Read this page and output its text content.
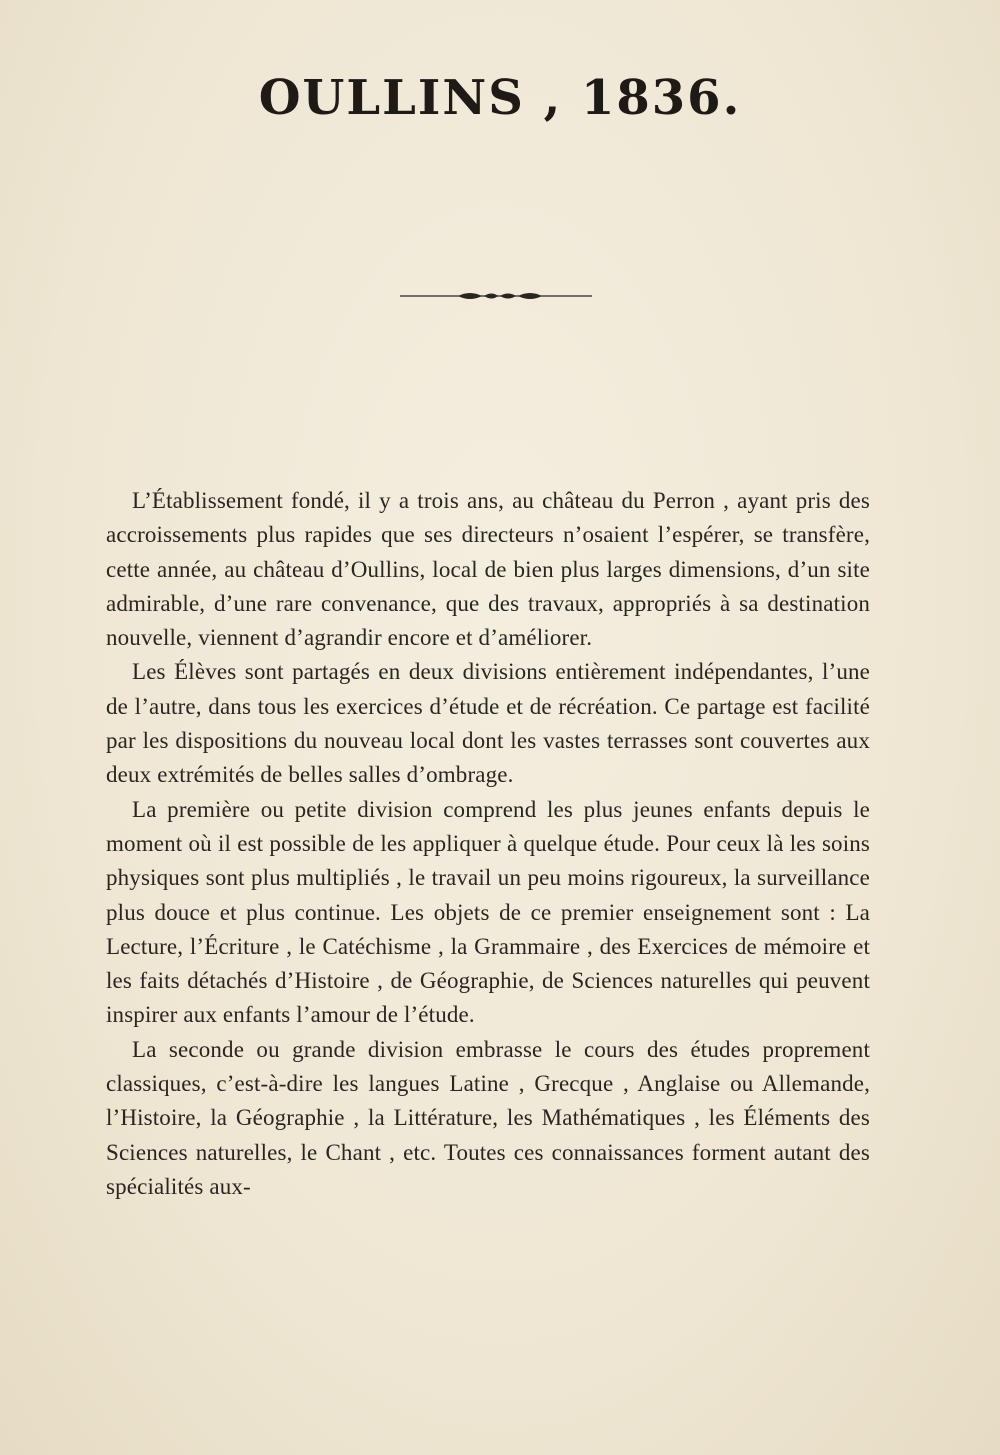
OULLINS , 1836.

L’Établissement fondé, il y a trois ans, au château du Perron , ayant pris des accroissements plus rapides que ses directeurs n’osaient l’espérer, se transfère, cette année, au château d’Oullins, local de bien plus larges dimensions, d’un site admirable, d’une rare convenance, que des travaux, appropriés à sa destination nouvelle, viennent d’agrandir encore et d’améliorer.

Les Élèves sont partagés en deux divisions entièrement indépendantes, l’une de l’autre, dans tous les exercices d’étude et de récréation. Ce partage est facilité par les dispositions du nouveau local dont les vastes terrasses sont couvertes aux deux extrémités de belles salles d’ombrage.

La première ou petite division comprend les plus jeunes enfants depuis le moment où il est possible de les appliquer à quelque étude. Pour ceux là les soins physiques sont plus multipliés , le travail un peu moins rigoureux, la surveillance plus douce et plus continue. Les objets de ce premier enseignement sont : La Lecture, l’Écriture , le Catéchisme , la Grammaire , des Exercices de mémoire et les faits détachés d’Histoire , de Géographie, de Sciences naturelles qui peuvent inspirer aux enfants l’amour de l’étude.

La seconde ou grande division embrasse le cours des études proprement classiques, c’est-à-dire les langues Latine , Grecque , Anglaise ou Allemande, l’Histoire, la Géographie , la Littérature, les Mathématiques , les Éléments des Sciences naturelles, le Chant , etc. Toutes ces connaissances forment autant des spécialités aux-
